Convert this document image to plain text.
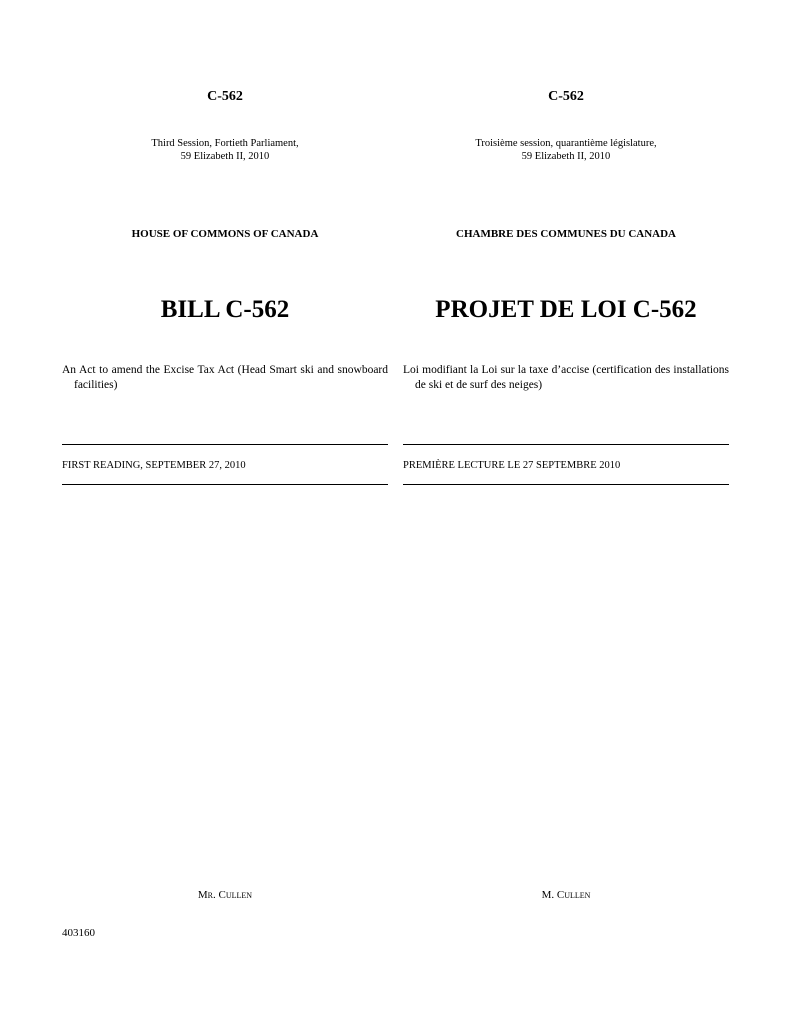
C-562
Third Session, Fortieth Parliament,
59 Elizabeth II, 2010
HOUSE OF COMMONS OF CANADA
BILL C-562
An Act to amend the Excise Tax Act (Head Smart ski and snowboard facilities)
FIRST READING, SEPTEMBER 27, 2010
Mr. Cullen
C-562
Troisième session, quarantième législature,
59 Elizabeth II, 2010
CHAMBRE DES COMMUNES DU CANADA
PROJET DE LOI C-562
Loi modifiant la Loi sur la taxe d’accise (certification des installations de ski et de surf des neiges)
PREMIÈRE LECTURE LE 27 SEPTEMBRE 2010
M. Cullen
403160
